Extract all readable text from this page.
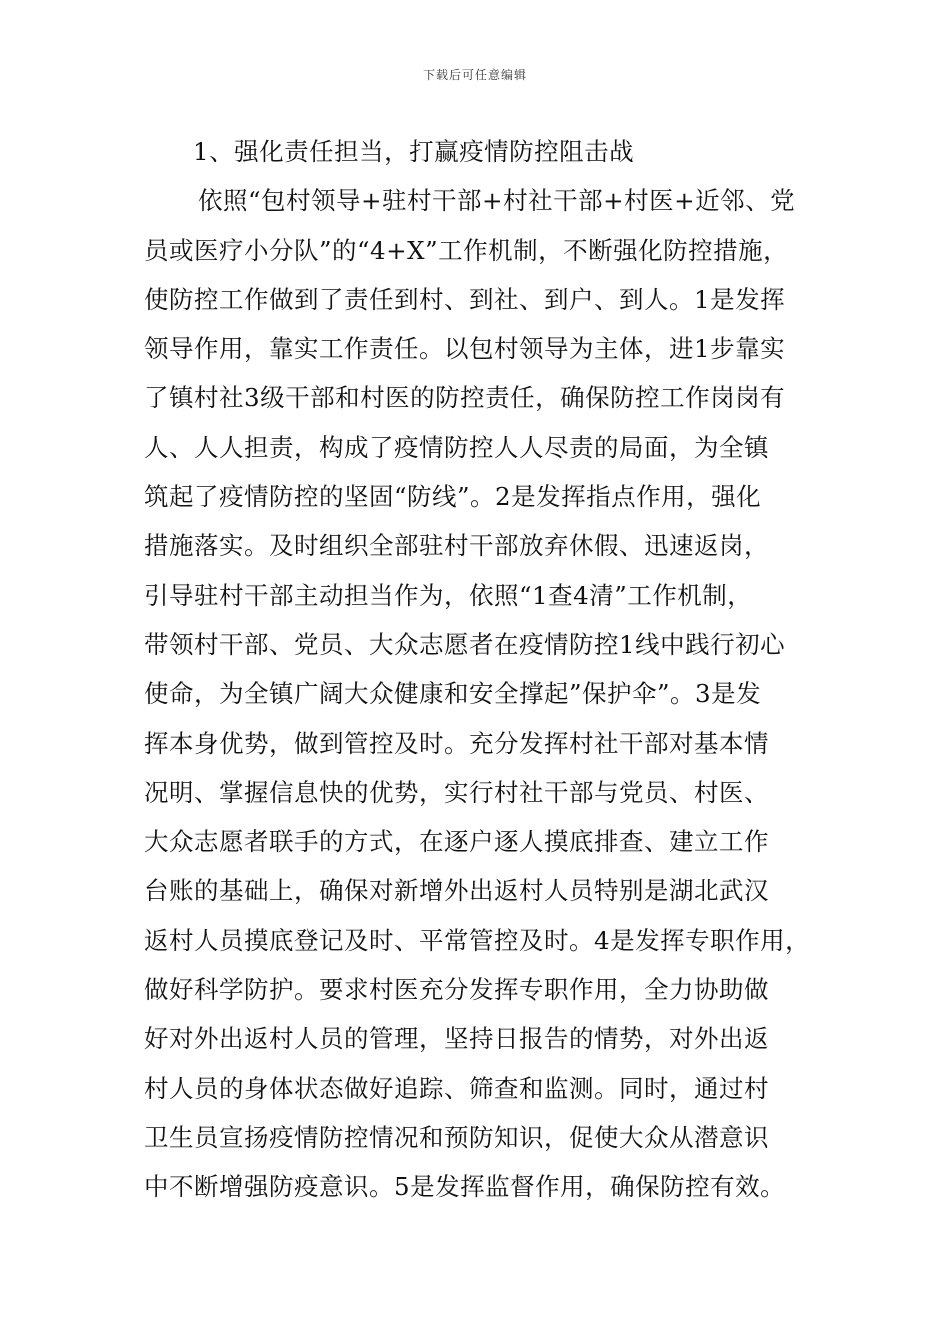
下载后可任意编辑
1、强化责任担当，打赢疫情防控阻击战
依照“包村领导+驻村干部+村社干部+村医+近邻、党
员或医疗小分队”的“4+X”工作机制，不断强化防控措施，
使防控工作做到了责任到村、到社、到户、到人。1是发挥
领导作用，靠实工作责任。以包村领导为主体，进1步靠实
了镇村社3级干部和村医的防控责任，确保防控工作岗岗有
人、人人担责，构成了疫情防控人人尽责的局面，为全镇
筑起了疫情防控的坚固“防线”。2是发挥指点作用，强化
措施落实。及时组织全部驻村干部放弃休假、迅速返岗，
引导驻村干部主动担当作为，依照“1查4清”工作机制，
带领村干部、党员、大众志愿者在疫情防控1线中践行初心
使命，为全镇广阔大众健康和安全撑起”保护伞”。3是发
挥本身优势，做到管控及时。充分发挥村社干部对基本情
况明、掌握信息快的优势，实行村社干部与党员、村医、
大众志愿者联手的方式，在逐户逐人摸底排查、建立工作
台账的基础上，确保对新增外出返村人员特别是湖北武汉
返村人员摸底登记及时、平常管控及时。4是发挥专职作用，
做好科学防护。要求村医充分发挥专职作用，全力协助做
好对外出返村人员的管理，坚持日报告的情势，对外出返
村人员的身体状态做好追踪、筛查和监测。同时，通过村
卫生员宣扬疫情防控情况和预防知识，促使大众从潜意识
中不断增强防疫意识。5是发挥监督作用，确保防控有效。
